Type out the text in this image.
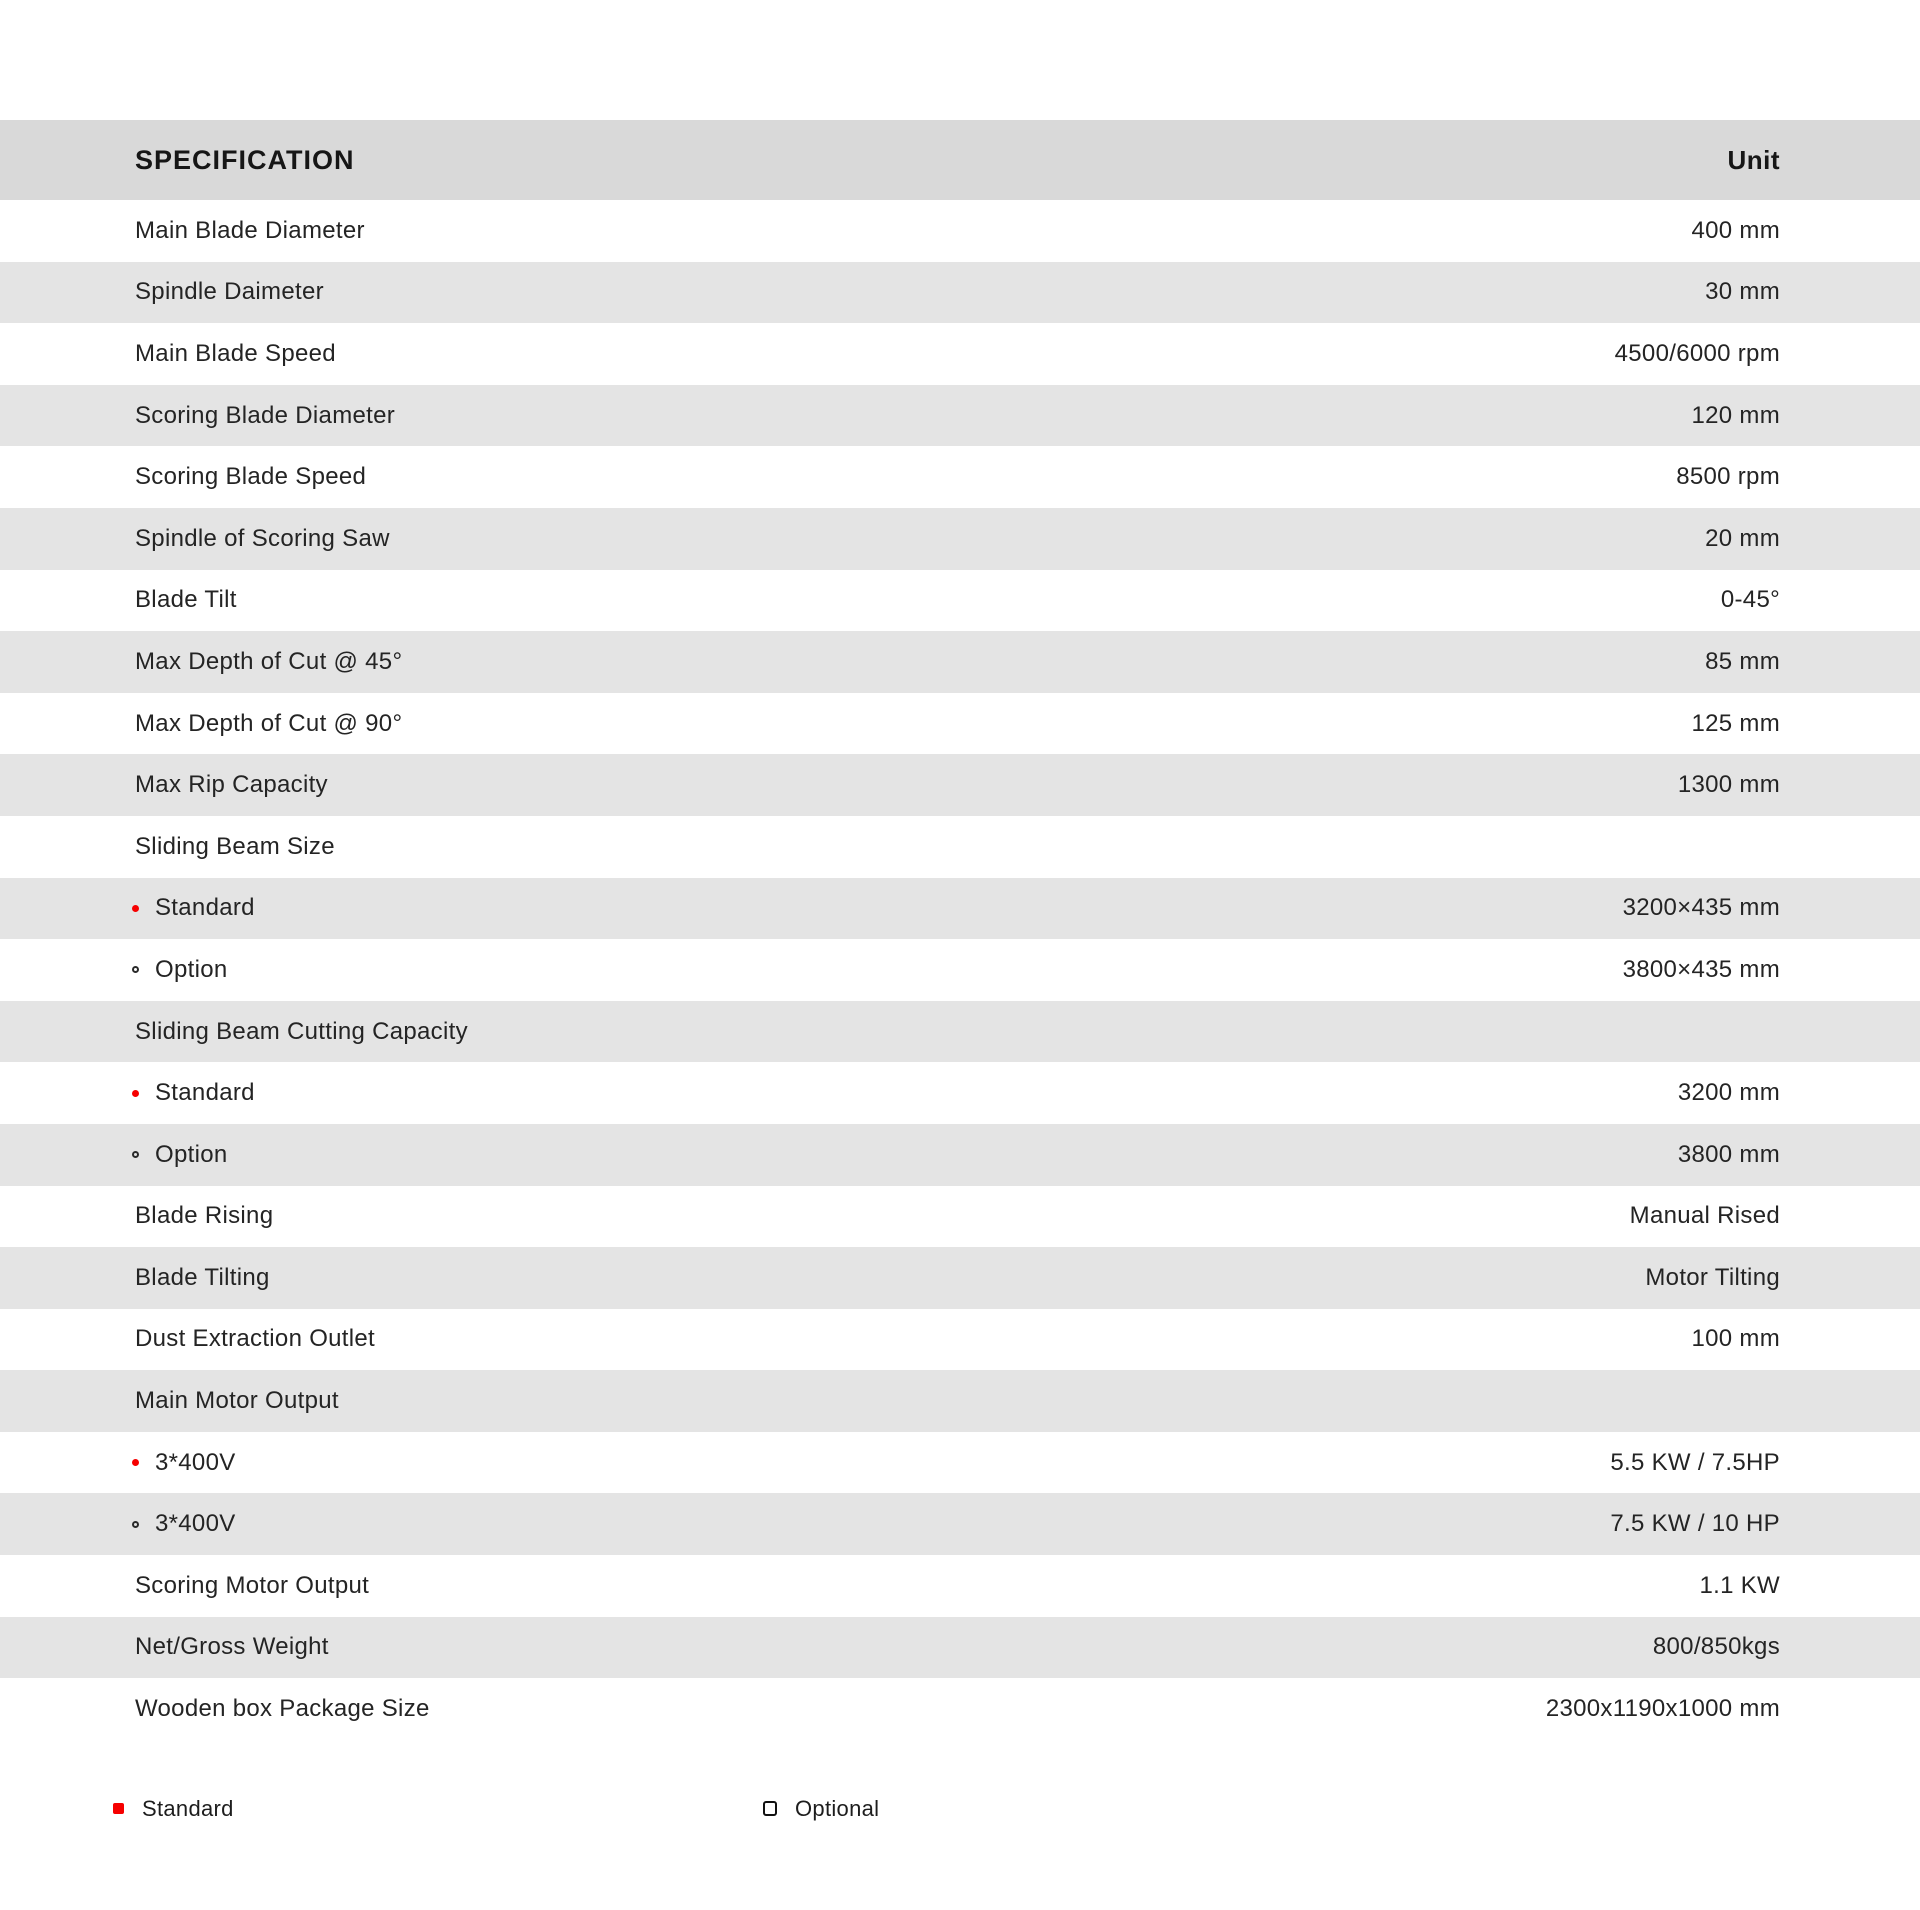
SPECIFICATION	Unit
Main Blade Diameter	400 mm
Spindle Daimeter	30 mm
Main Blade Speed	4500/6000 rpm
Scoring Blade Diameter	120 mm
Scoring Blade Speed	8500 rpm
Spindle of Scoring Saw	20 mm
Blade Tilt	0-45°
Max Depth of Cut @ 45°	85 mm
Max Depth of Cut @ 90°	125 mm
Max Rip Capacity	1300 mm
Sliding Beam Size
Standard	3200×435 mm
Option	3800×435 mm
Sliding Beam Cutting Capacity
Standard	3200 mm
Option	3800 mm
Blade Rising	Manual Rised
Blade Tilting	Motor Tilting
Dust Extraction Outlet	100 mm
Main Motor Output
3*400V	5.5 KW / 7.5HP
3*400V	7.5 KW / 10 HP
Scoring Motor Output	1.1 KW
Net/Gross Weight	800/850kgs
Wooden box Package Size	2300x1190x1000 mm
Standard	Optional
